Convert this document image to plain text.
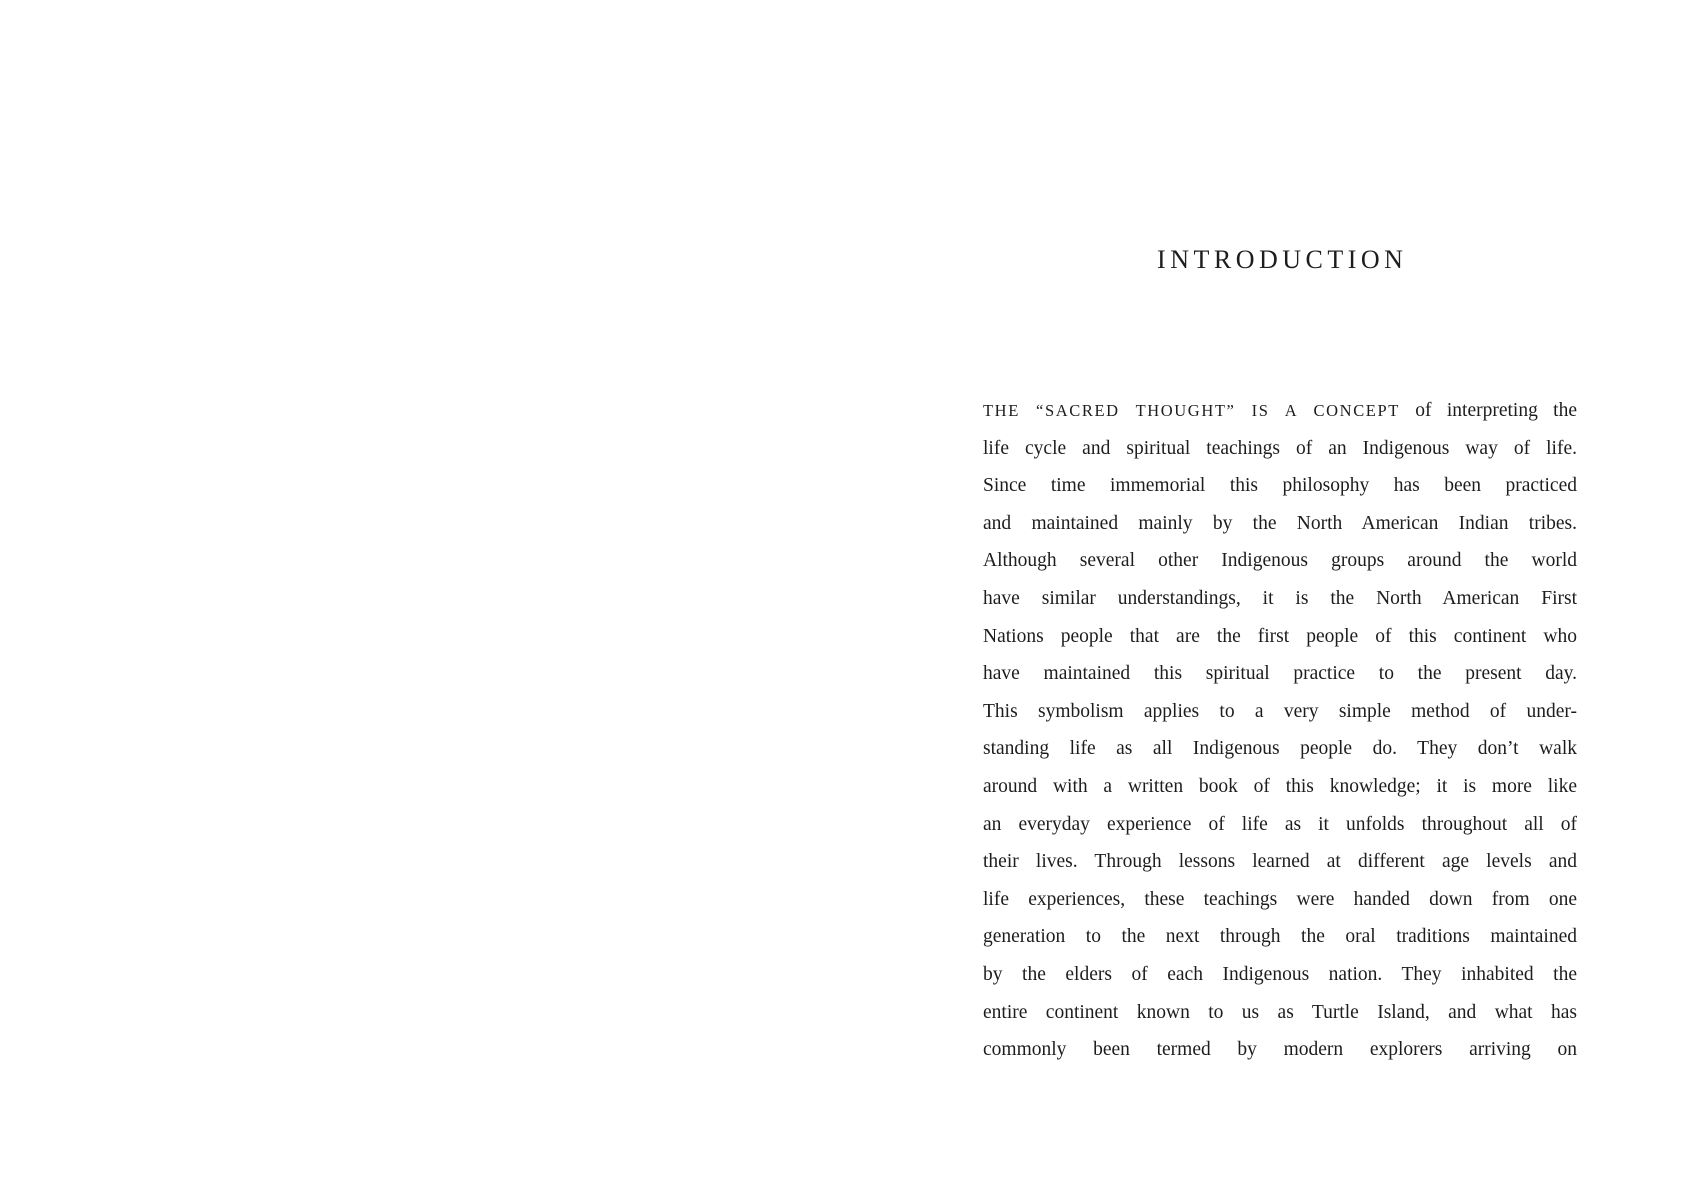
INTRODUCTION
THE “SACRED THOUGHT” IS A CONCEPT of interpreting the
life cycle and spiritual teachings of an Indigenous way of life.
Since time immemorial this philosophy has been practiced
and maintained mainly by the North American Indian tribes.
Although several other Indigenous groups around the world
have similar understandings, it is the North American First
Nations people that are the first people of this continent who
have maintained this spiritual practice to the present day.
This symbolism applies to a very simple method of under-
standing life as all Indigenous people do. They don’t walk
around with a written book of this knowledge; it is more like
an everyday experience of life as it unfolds throughout all of
their lives. Through lessons learned at different age levels and
life experiences, these teachings were handed down from one
generation to the next through the oral traditions maintained
by the elders of each Indigenous nation. They inhabited the
entire continent known to us as Turtle Island, and what has
commonly been termed by modern explorers arriving on
